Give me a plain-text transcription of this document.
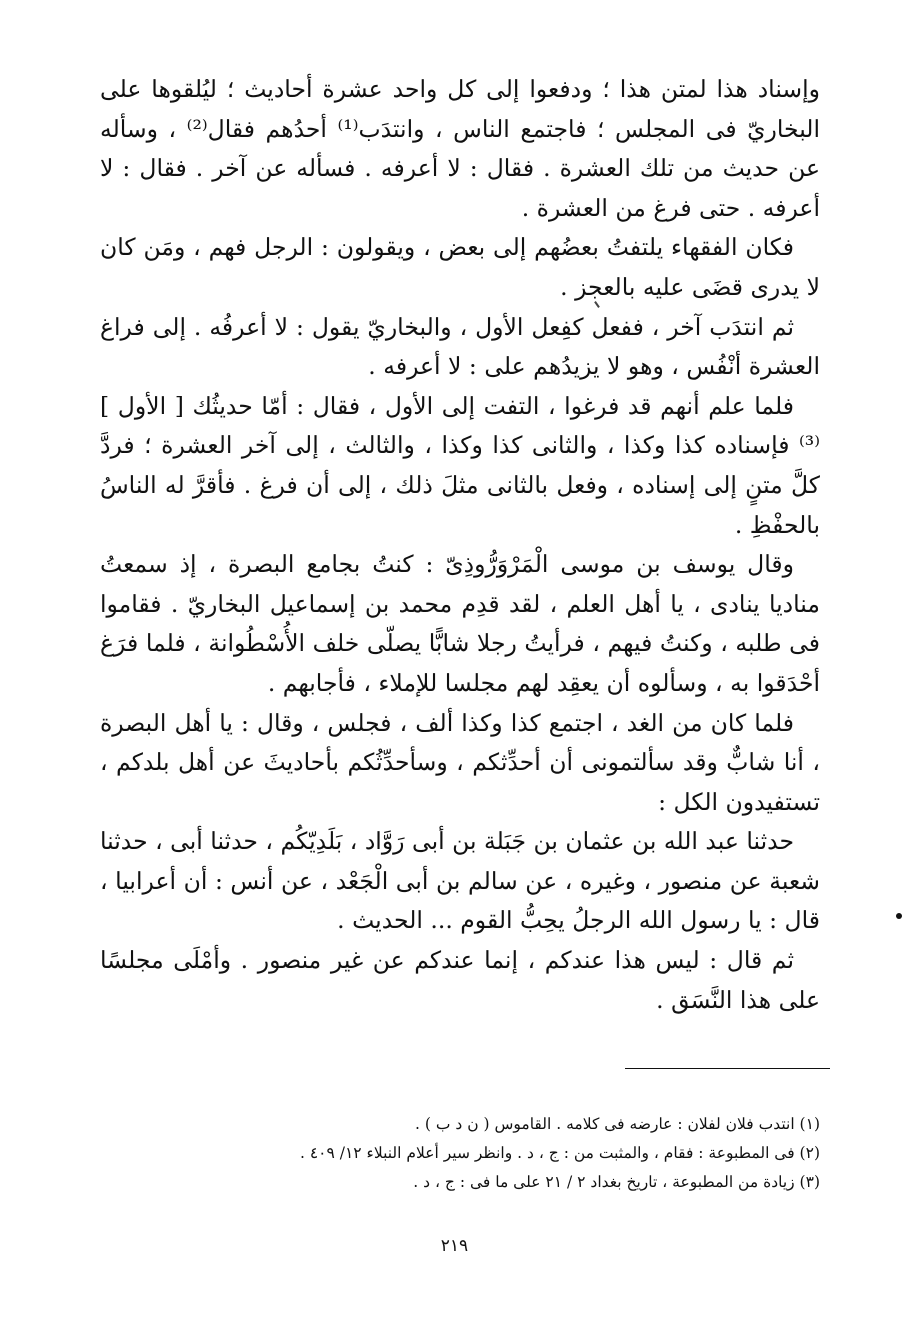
وإسناد هذا لمتن هذا ؛ ودفعوا إلى كل واحد عشرة أحاديث ؛ ليُلقوها على البخاريّ فى المجلس ؛ فاجتمع الناس ، وانتدَب⁽¹⁾ أحدُهم فقال⁽²⁾ ، وسأله عن حديث من تلك العشرة . فقال : لا أعرفه . فسأله عن آخر . فقال : لا أعرفه . حتى فرغ من العشرة .

فكان الفقهاء يلتفتُ بعضُهم إلى بعض ، ويقولون : الرجل فهم ، ومَن كان لا يدرى قضَى عليه بالعجز .

ثم انتدَب آخر ، ففعل كفِعل الأول ، والبخاريّ يقول : لا أعرفُه . إلى فراغ العشرة أنْفُس ، وهو لا يزيدُهم على : لا أعرفه .

فلما علم أنهم قد فرغوا ، التفت إلى الأول ، فقال : أمّا حديثُك [ الأول ]⁽³⁾ فإسناده كذا وكذا ، والثانى كذا وكذا ، والثالث ، إلى آخر العشرة ؛ فردَّ كلَّ متنٍ إلى إسناده ، وفعل بالثانى مثلَ ذلك ، إلى أن فرغ . فأقرَّ له الناسُ بالحفْظِ .

وقال يوسف بن موسى الْمَرْوَرُّوذِىّ : كنتُ بجامع البصرة ، إذ سمعتُ مناديا ينادى ، يا أهل العلم ، لقد قدِم محمد بن إسماعيل البخاريّ . فقاموا فى طلبه ، وكنتُ فيهم ، فرأيتُ رجلا شابًّا يصلّى خلف الأُسْطُوانة ، فلما فرَغ أحْدَقوا به ، وسألوه أن يعقِد لهم مجلسا للإملاء ، فأجابهم .

فلما كان من الغد ، اجتمع كذا وكذا ألف ، فجلس ، وقال : يا أهل البصرة ، أنا شابٌّ وقد سألتمونى أن أحدِّثكم ، وسأحدِّثُكم بأحاديثَ عن أهل بلدكم ، تستفيدون الكل :

حدثنا عبد الله بن عثمان بن جَبَلة بن أبى رَوَّاد ، بَلَدِيّكُم ، حدثنا أبى ، حدثنا شعبة عن منصور ، وغيره ، عن سالم بن أبى الْجَعْد ، عن أنس : أن أعرابيا ، قال : يا رسول الله الرجلُ يحِبُّ القوم ... الحديث .

ثم قال : ليس هذا عندكم ، إنما عندكم عن غير منصور . وأمْلَى مجلسًا على هذا النَّسَق .

(١) انتدب فلان لفلان : عارضه فى كلامه . القاموس ( ن د ب ) .

(٢) فى المطبوعة : فقام ، والمثبت من : ج ، د . وانظر سير أعلام النبلاء ١٢/ ٤٠٩ .

(٣) زيادة من المطبوعة ، تاريخ بغداد ٢ / ٢١ على ما فى : ج ، د .

٢١٩
